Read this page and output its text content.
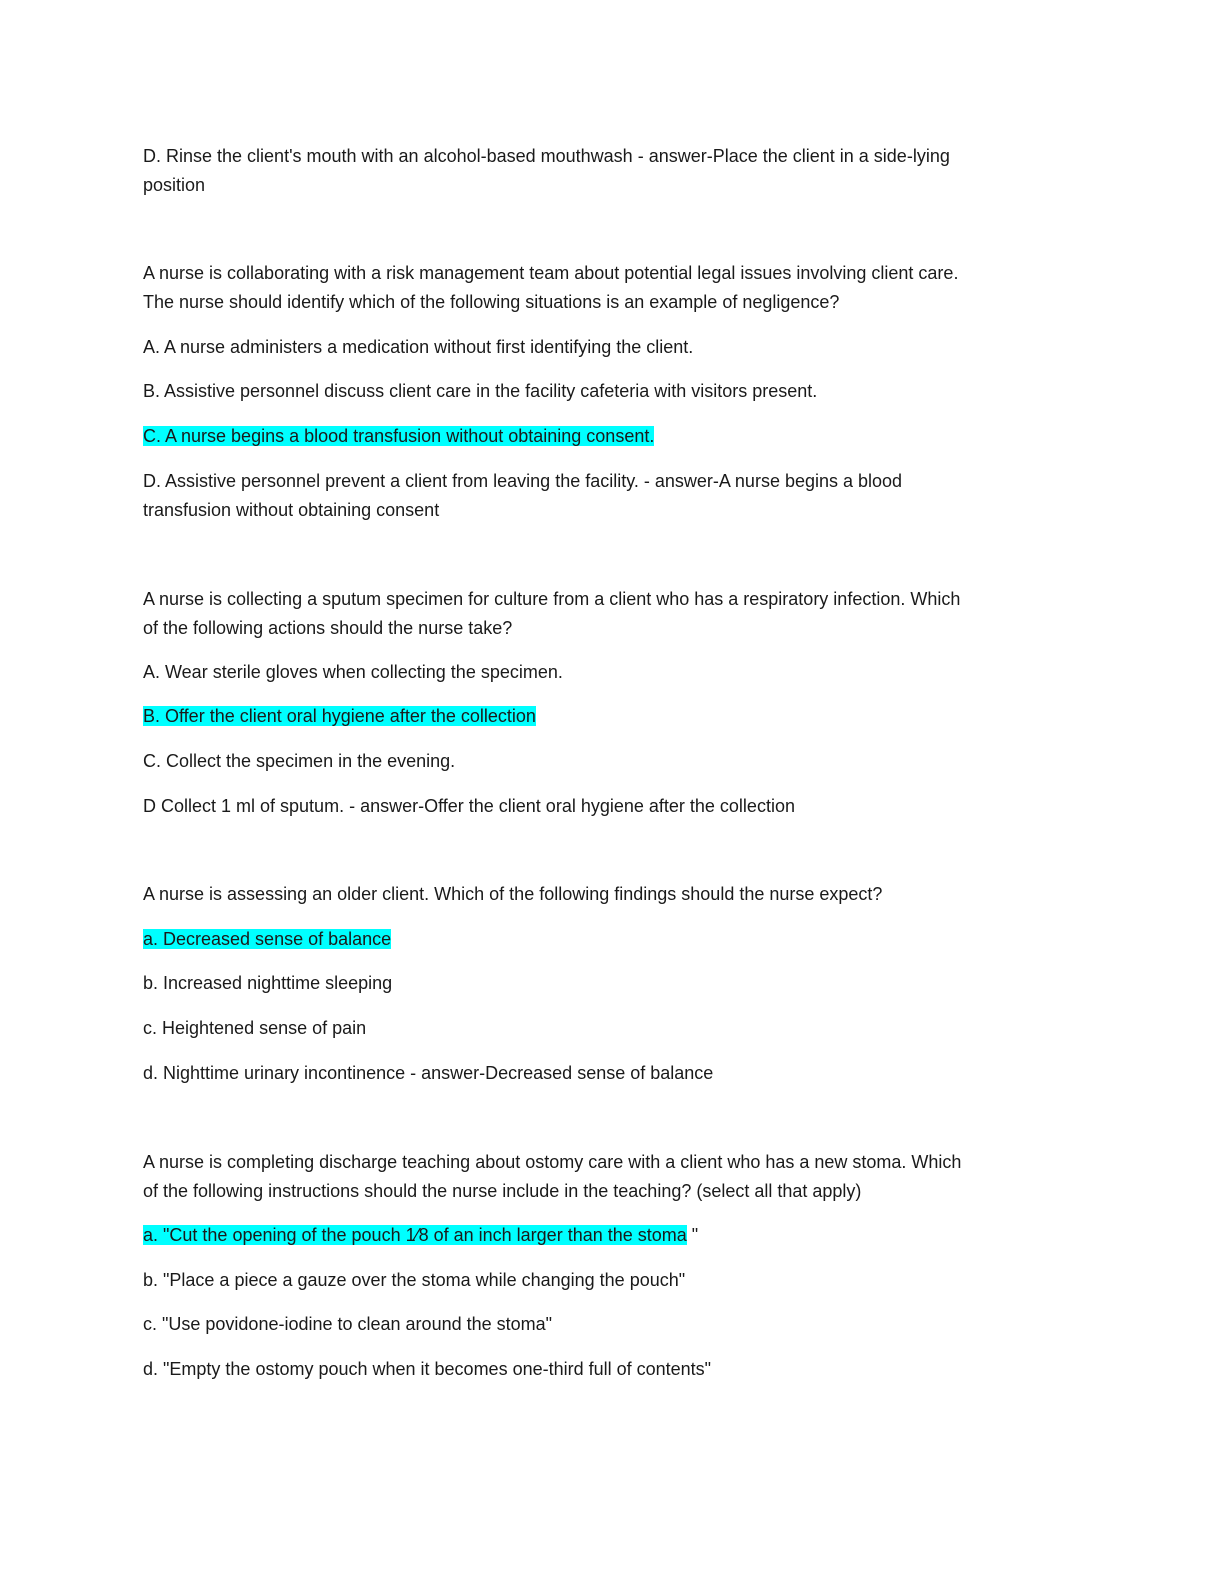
D. Rinse the client's mouth with an alcohol-based mouthwash - answer-Place the client in a side-lying

position

A nurse is collaborating with a risk management team about potential legal issues involving client care.

The nurse should identify which of the following situations is an example of negligence?

A. A nurse administers a medication without first identifying the client.

B. Assistive personnel discuss client care in the facility cafeteria with visitors present.

C. A nurse begins a blood transfusion without obtaining consent.

D. Assistive personnel prevent a client from leaving the facility. - answer-A nurse begins a blood

transfusion without obtaining consent

A nurse is collecting a sputum specimen for culture from a client who has a respiratory infection. Which

of the following actions should the nurse take?

A. Wear sterile gloves when collecting the specimen.

B. Offer the client oral hygiene after the collection

C. Collect the specimen in the evening.

D Collect 1 ml of sputum. - answer-Offer the client oral hygiene after the collection

A nurse is assessing an older client. Which of the following findings should the nurse expect?

a. Decreased sense of balance

b. Increased nighttime sleeping

c. Heightened sense of pain

d. Nighttime urinary incontinence - answer-Decreased sense of balance

A nurse is completing discharge teaching about ostomy care with a client who has a new stoma. Which

of the following instructions should the nurse include in the teaching? (select all that apply)

a. "Cut the opening of the pouch 1⁄8 of an inch larger than the stoma "

b. "Place a piece a gauze over the stoma while changing the pouch"

c. "Use povidone-iodine to clean around the stoma"

d. "Empty the ostomy pouch when it becomes one-third full of contents"
